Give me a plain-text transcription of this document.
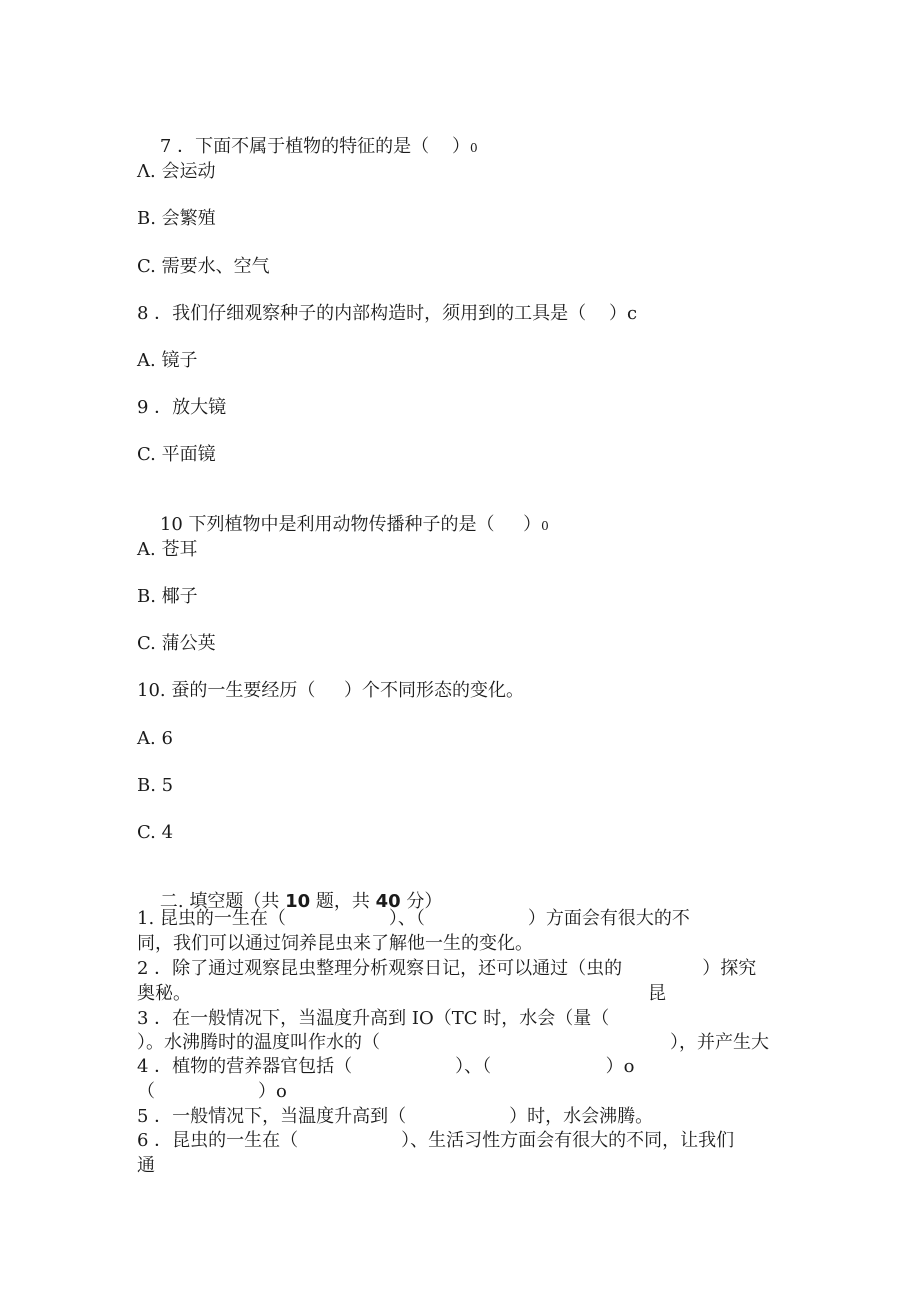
7 ．下面不属于植物的特征的是（    ）0

Λ. 会运动
B. 会繁殖
C. 需要水、空气
8 ．我们仔细观察种子的内部构造时，须用到的工具是（    ）c
A. 镜子
9 ．放大镜
C. 平面镜

10 下列植物中是利用动物传播种子的是（     ）0

A. 苍耳
B. 椰子
C. 蒲公英
10. 蚕的一生要经历（     ）个不同形态的变化。
A. 6
B. 5
C. 4

二. 填空题（共 10 题，共 40 分）

1. 昆虫的一生在（                  ）、（                  ）方面会有很大的不
同，我们可以通过饲养昆虫来了解他一生的变化。
2 ．除了通过观察昆虫整理分析观察日记，还可以通过（虫的              ）探究
奥秘。	昆
3 ．在一般情况下，当温度升高到 IO（TC 时，水会（量（
）。水沸腾时的温度叫作水的（	），并产生大
4 ．植物的营养器官包括（                  ）、（                    ）o
（                  ）o
5 ．一般情况下，当温度升高到（                  ）时，水会沸腾。
6 ．昆虫的一生在（                  ）、生活习性方面会有很大的不同，让我们
通
